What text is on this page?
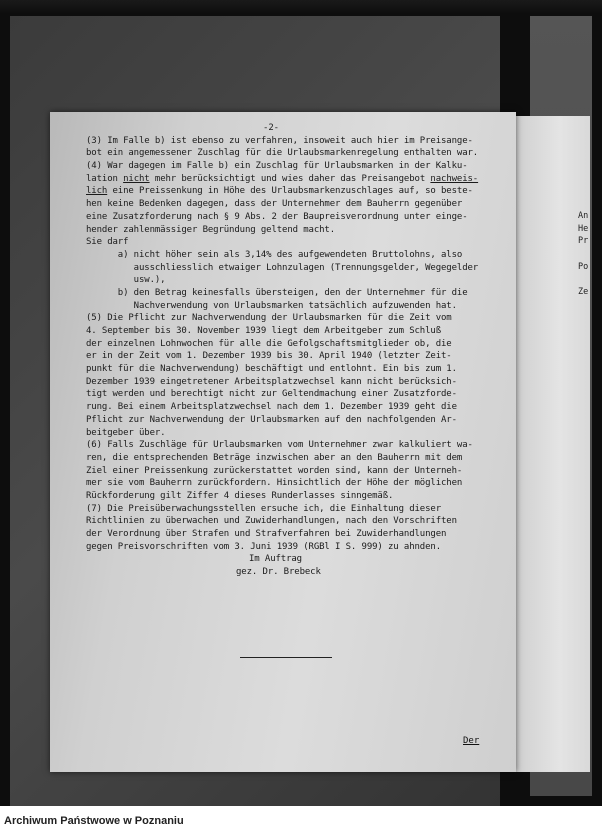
An
He
Pr
Po
Ze
-2-
(3) Im Falle b) ist ebenso zu verfahren, insoweit auch hier im Preisange-
bot ein angemessener Zuschlag für die Urlaubsmarkenregelung enthalten war.
(4) War dagegen im Falle b) ein Zuschlag für Urlaubsmarken in der Kalku-
lation nicht mehr berücksichtigt und wies daher das Preisangebot nachweis-
lich eine Preissenkung in Höhe des Urlaubsmarkenzuschlages auf, so beste-
hen keine Bedenken dagegen, dass der Unternehmer dem Bauherrn gegenüber
eine Zusatzforderung nach § 9 Abs. 2 der Baupreisverordnung unter einge-
hender zahlenmässiger Begründung geltend macht.
Sie darf
a) nicht höher sein als 3,14% des aufgewendeten Bruttolohns, also
ausschliesslich etwaiger Lohnzulagen (Trennungsgelder, Wegegelder
usw.),
b) den Betrag keinesfalls übersteigen, den der Unternehmer für die
Nachverwendung von Urlaubsmarken tatsächlich aufzuwenden hat.
(5) Die Pflicht zur Nachverwendung der Urlaubsmarken für die Zeit vom
4. September bis 30. November 1939 liegt dem Arbeitgeber zum Schluß
der einzelnen Lohnwochen für alle die Gefolgschaftsmitglieder ob, die
er in der Zeit vom 1. Dezember 1939 bis 30. April 1940 (letzter Zeit-
punkt für die Nachverwendung) beschäftigt und entlohnt. Ein bis zum 1.
Dezember 1939 eingetretener Arbeitsplatzwechsel kann nicht berücksich-
tigt werden und berechtigt nicht zur Geltendmachung einer Zusatzforde-
rung. Bei einem Arbeitsplatzwechsel nach dem 1. Dezember 1939 geht die
Pflicht zur Nachverwendung der Urlaubsmarken auf den nachfolgenden Ar-
beitgeber über.
(6) Falls Zuschläge für Urlaubsmarken vom Unternehmer zwar kalkuliert wa-
ren, die entsprechenden Beträge inzwischen aber an den Bauherrn mit dem
Ziel einer Preissenkung zurückerstattet worden sind, kann der Unterneh-
mer sie vom Bauherrn zurückfordern. Hinsichtlich der Höhe der möglichen
Rückforderung gilt Ziffer 4 dieses Runderlasses sinngemäß.
(7) Die Preisüberwachungsstellen ersuche ich, die Einhaltung dieser
Richtlinien zu überwachen und Zuwiderhandlungen, nach den Vorschriften
der Verordnung über Strafen und Strafverfahren bei Zuwiderhandlungen
gegen Preisvorschriften vom 3. Juni 1939 (RGBl I S. 999) zu ahnden.
Im Auftrag
gez. Dr. Brebeck
Der
Archiwum Państwowe w Poznaniu
